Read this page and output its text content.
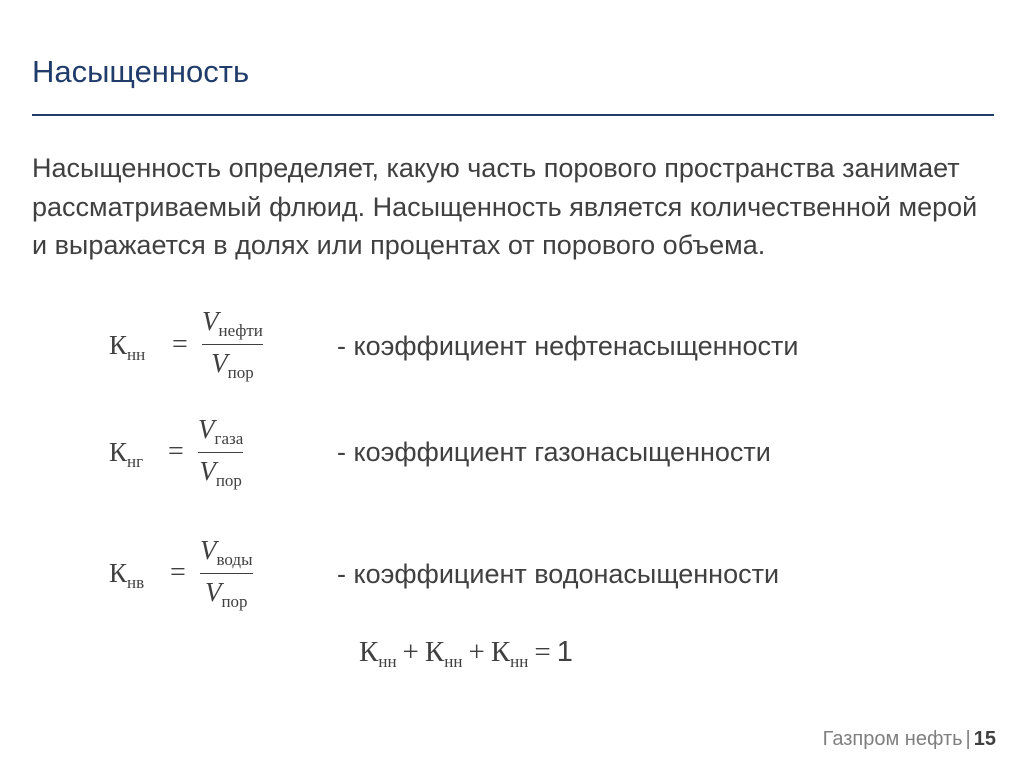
Насыщенность
Насыщенность определяет, какую часть порового пространства занимает рассматриваемый флюид. Насыщенность является количественной мерой и выражается в долях или процентах от порового объема.
$К_{нн}$ =
$V_{нефти}$
$V_{пор}$
- коэффициент нефтенасыщенности
$К_{нг}$ =
$V_{газа}$
$V_{пор}$
- коэффициент газонасыщенности
$К_{нв}$ =
$V_{воды}$
$V_{пор}$
- коэффициент водонасыщенности
$К_{нн} + К_{нн} + К_{нн} = 1$
Газпром нефть | 15
